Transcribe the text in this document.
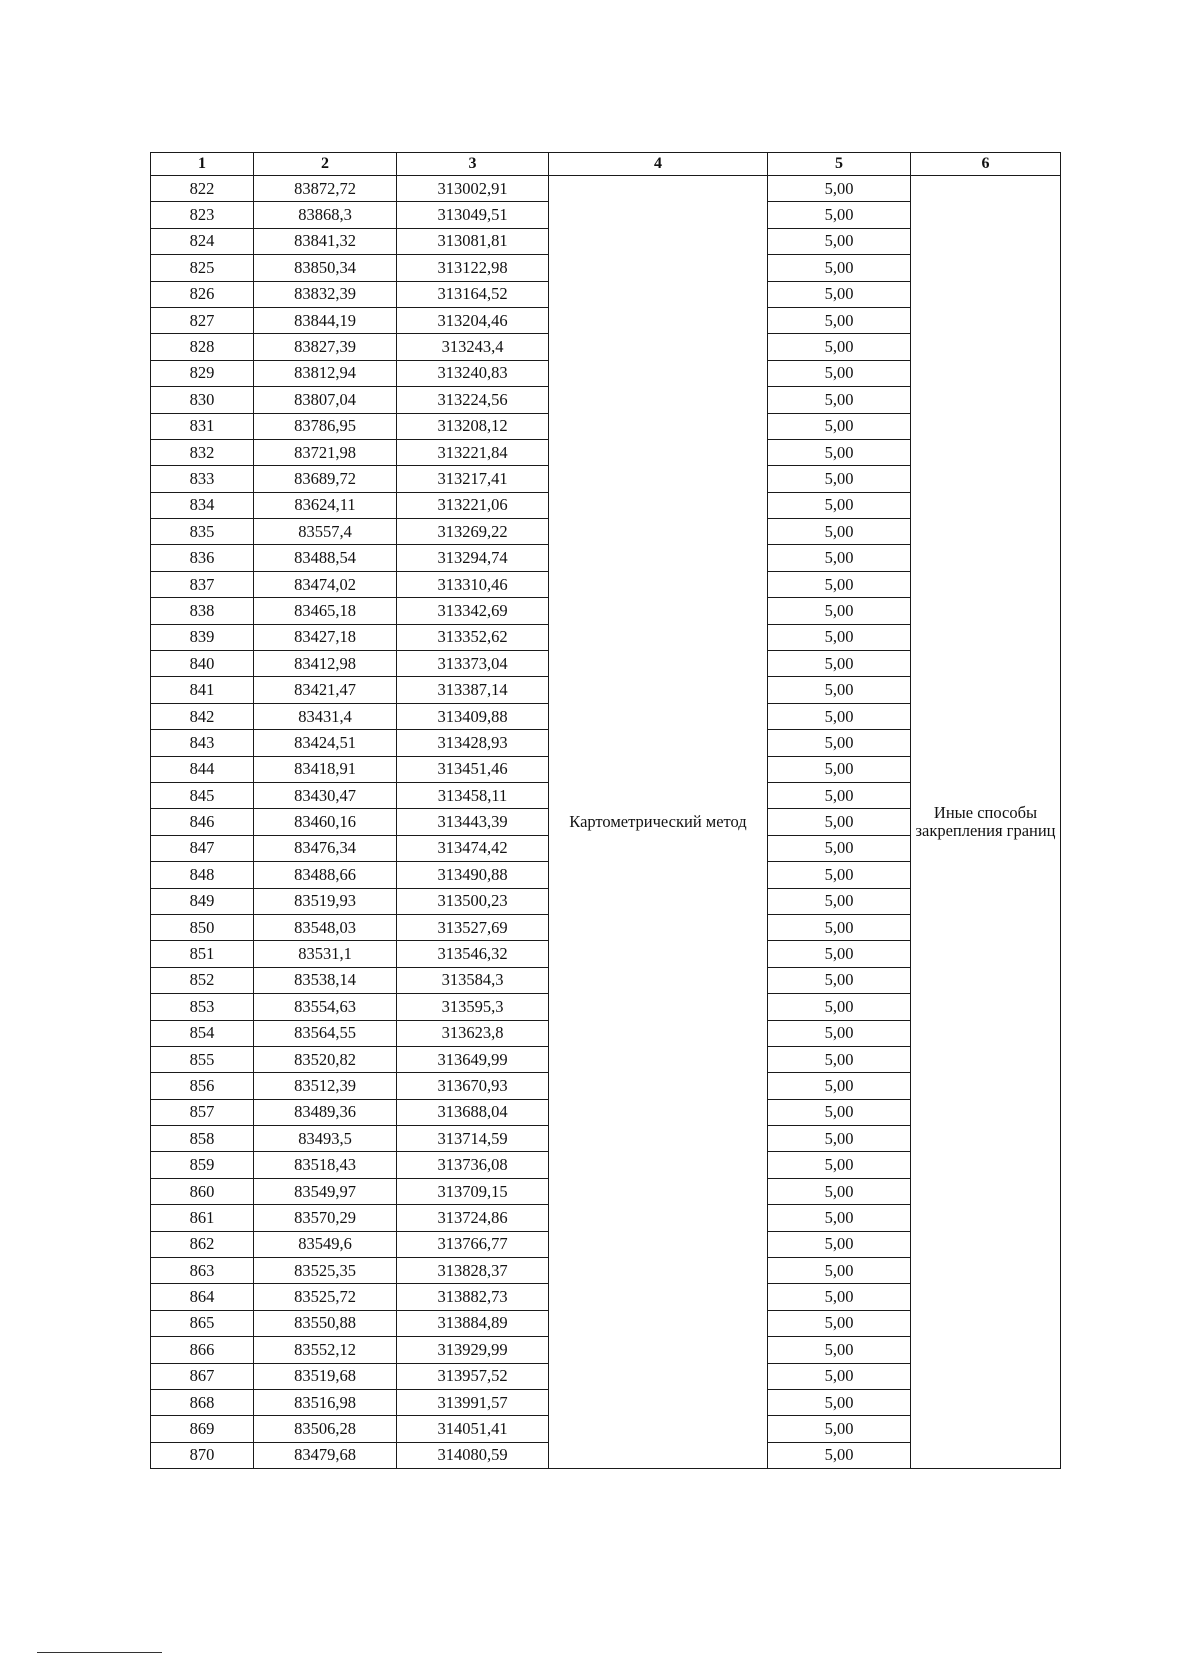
1	2	3	4	5	6
822	83872,72	313002,91	Картометрический метод	5,00	Иные способы закрепления границ
823	83868,3	313049,51		5,00	
824	83841,32	313081,81		5,00	
825	83850,34	313122,98		5,00	
826	83832,39	313164,52		5,00	
827	83844,19	313204,46		5,00	
828	83827,39	313243,4		5,00	
829	83812,94	313240,83		5,00	
830	83807,04	313224,56		5,00	
831	83786,95	313208,12		5,00	
832	83721,98	313221,84		5,00	
833	83689,72	313217,41		5,00	
834	83624,11	313221,06		5,00	
835	83557,4	313269,22		5,00	
836	83488,54	313294,74		5,00	
837	83474,02	313310,46		5,00	
838	83465,18	313342,69		5,00	
839	83427,18	313352,62		5,00	
840	83412,98	313373,04		5,00	
841	83421,47	313387,14		5,00	
842	83431,4	313409,88		5,00	
843	83424,51	313428,93		5,00	
844	83418,91	313451,46		5,00	
845	83430,47	313458,11		5,00	
846	83460,16	313443,39		5,00	
847	83476,34	313474,42		5,00	
848	83488,66	313490,88		5,00	
849	83519,93	313500,23		5,00	
850	83548,03	313527,69		5,00	
851	83531,1	313546,32		5,00	
852	83538,14	313584,3		5,00	
853	83554,63	313595,3		5,00	
854	83564,55	313623,8		5,00	
855	83520,82	313649,99		5,00	
856	83512,39	313670,93		5,00	
857	83489,36	313688,04		5,00	
858	83493,5	313714,59		5,00	
859	83518,43	313736,08		5,00	
860	83549,97	313709,15		5,00	
861	83570,29	313724,86		5,00	
862	83549,6	313766,77		5,00	
863	83525,35	313828,37		5,00	
864	83525,72	313882,73		5,00	
865	83550,88	313884,89		5,00	
866	83552,12	313929,99		5,00	
867	83519,68	313957,52		5,00	
868	83516,98	313991,57		5,00	
869	83506,28	314051,41		5,00	
870	83479,68	314080,59		5,00	
